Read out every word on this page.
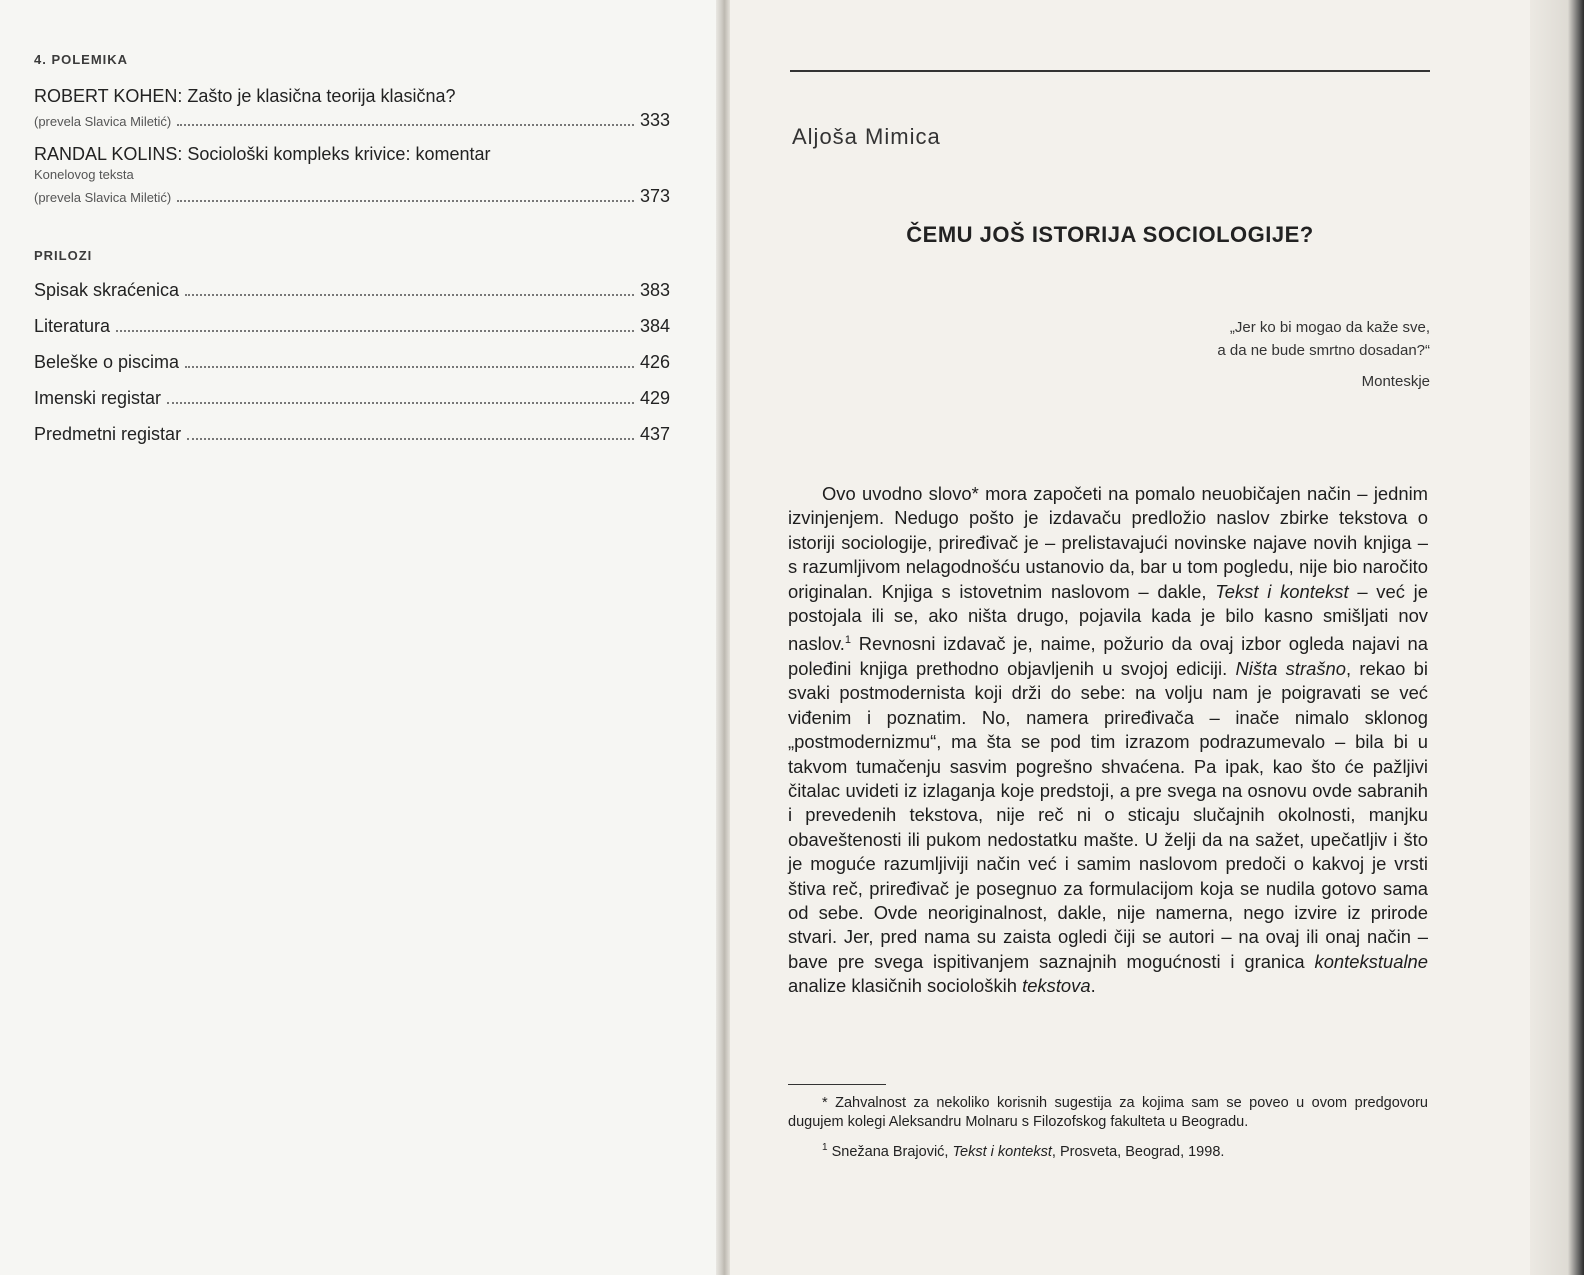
4. POLEMIKA
ROBERT KOHEN: Zašto je klasična teorija klasična?
(prevela Slavica Miletić)	333
RANDAL KOLINS: Sociološki kompleks krivice: komentar
Konelovog teksta
(prevela Slavica Miletić)	373
PRILOZI
Spisak skraćenica	383
Literatura	384
Beleške o piscima	426
Imenski registar	429
Predmetni registar	437
Aljoša Mimica
ČEMU JOŠ ISTORIJA SOCIOLOGIJE?
„Jer ko bi mogao da kaže sve,
a da ne bude smrtno dosadan?“
Monteskje

Ovo uvodno slovo* mora započeti na pomalo neuobičajen način – jednim izvinjenjem. Nedugo pošto je izdavaču predložio naslov zbirke tekstova o istoriji sociologije, priređivač je – prelistavajući novinske najave novih knjiga – s razumljivom nelagodnošću ustanovio da, bar u tom pogledu, nije bio naročito originalan. Knjiga s istovetnim naslovom – dakle, Tekst i kontekst – već je postojala ili se, ako ništa drugo, pojavila kada je bilo kasno smišljati nov naslov.$^1$ Revnosni izdavač je, naime, požurio da ovaj izbor ogleda najavi na poleđini knjiga prethodno objavljenih u svojoj ediciji. Ništa strašno, rekao bi svaki postmodernista koji drži do sebe: na volju nam je poigravati se već viđenim i poznatim. No, namera priređivača – inače nimalo sklonog „postmodernizmu“, ma šta se pod tim izrazom podrazumevalo – bila bi u takvom tumačenju sasvim pogrešno shvaćena. Pa ipak, kao što će pažljivi čitalac uvideti iz izlaganja koje predstoji, a pre svega na osnovu ovde sabranih i prevedenih tekstova, nije reč ni o sticaju slučajnih okolnosti, manjku obaveštenosti ili pukom nedostatku mašte. U želji da na sažet, upečatljiv i što je moguće razumljiviji način već i samim naslovom predoči o kakvoj je vrsti štiva reč, priređivač je posegnuo za formulacijom koja se nudila gotovo sama od sebe. Ovde neoriginalnost, dakle, nije namerna, nego izvire iz prirode stvari. Jer, pred nama su zaista ogledi čiji se autori – na ovaj ili onaj način – bave pre svega ispitivanjem saznajnih mogućnosti i granica kontekstualne analize klasičnih socioloških tekstova.

* Zahvalnost za nekoliko korisnih sugestija za kojima sam se poveo u ovom predgovoru dugujem kolegi Aleksandru Molnaru s Filozofskog fakulteta u Beogradu.

$^1$ Snežana Brajović, Tekst i kontekst, Prosveta, Beograd, 1998.
